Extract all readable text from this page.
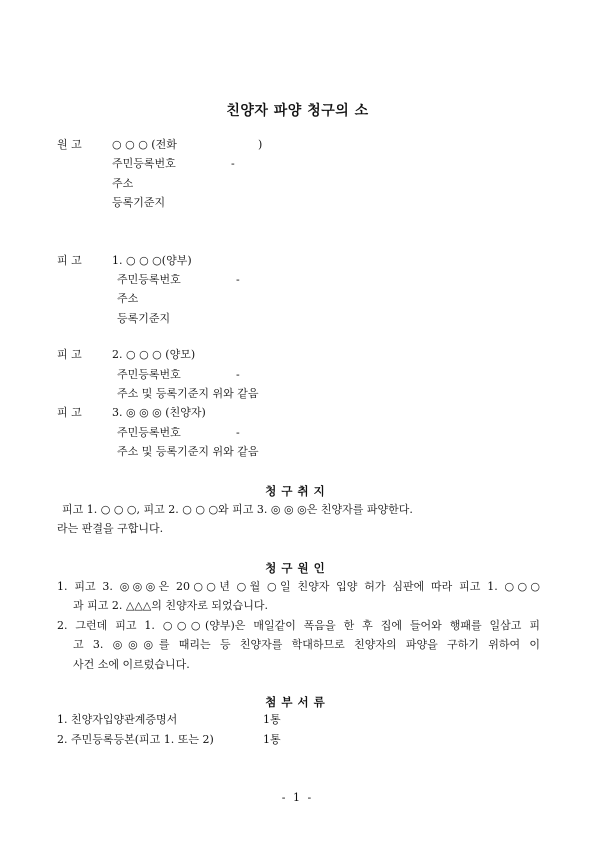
친양자 파양 청구의 소
원 고	○ ○ ○ (전화	)
주민등록번호	-
주소
등록기준지
피 고	1. ○ ○ ○(양부)
주민등록번호	-
주소
등록기준지
피 고	2. ○ ○ ○ (양모)
주민등록번호	-
주소 및 등록기준지 위와 같음
피 고	3. ◎ ◎ ◎ (친양자)
주민등록번호	-
주소 및 등록기준지 위와 같음
청구취지
피고 1. ○ ○ ○, 피고 2. ○ ○ ○와 피고 3. ◎ ◎ ◎은 친양자를 파양한다.
라는 판결을 구합니다.
청구원인
1. 피고 3. ◎◎◎은 20○○년 ○월 ○일 친양자 입양 허가 심판에 따라 피고 1. ○○○
과 피고 2. △△△의 친양자로 되었습니다.
2. 그런데 피고 1. ○○○(양부)은 매일같이 폭음을 한 후 집에 들어와 행패를 일삼고 피
고 3. ◎◎◎를 때리는 등 친양자를 학대하므로 친양자의 파양을 구하기 위하여 이
사건 소에 이르렀습니다.
첨부서류
1. 친양자입양관계증명서	1통
2. 주민등록등본(피고 1. 또는 2)	1통
- 1 -
